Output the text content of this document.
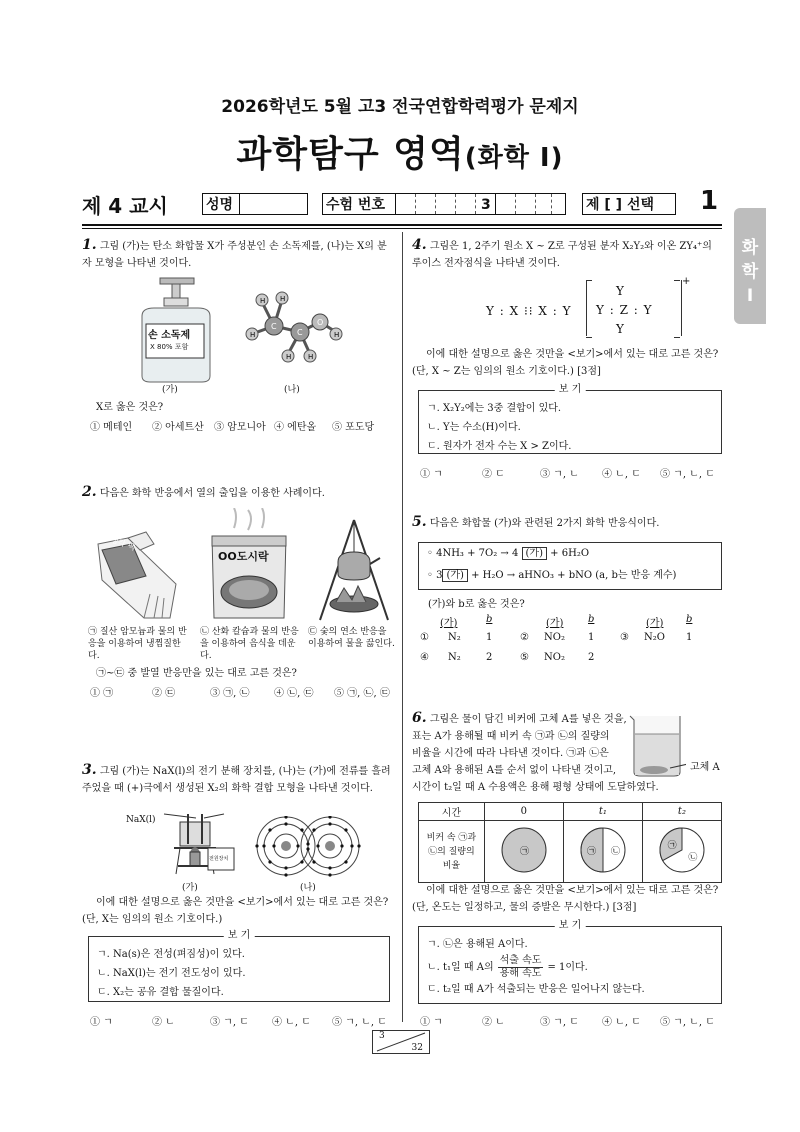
2026학년도 5월 고3 전국연합학력평가 문제지
과학탐구 영역(화학 Ⅰ)
제 4 교시	성명	수험 번호	3	제 [ ] 선택	1
화
학
Ⅰ
1. 그림 (가)는 탄소 화합물 X가 주성분인 손 소독제를, (나)는 X의 분자 모형을 나타낸 것이다.
손 소독제
X 80% 포함
H H
H
H H
H
C
C
O
(가)	(나)
X로 옳은 것은?
① 메테인 ② 아세트산 ③ 암모니아 ④ 에탄올 ⑤ 포도당
2. 다음은 화학 반응에서 열의 출입을 이용한 사례이다.
냉각 팩
OO도시락
㉠ 질산 암모늄과 물의 반응을 이용하여 냉찜질한다.
㉡ 산화 칼슘과 물의 반응을 이용하여 음식을 데운다.
㉢ 숯의 연소 반응을 이용하여 물을 끓인다.
㉠~㉢ 중 발열 반응만을 있는 대로 고른 것은?
① ㉠	② ㉢	③ ㉠, ㉡ ④ ㉡, ㉢ ⑤ ㉠, ㉡, ㉢
3. 그림 (가)는 NaX(l)의 전기 분해 장치를, (나)는 (가)에 전류를 흘려주었을 때 (+)극에서 생성된 X₂의 화학 결합 모형을 나타낸 것이다.
NaX(l)
전원장치
(가)	(나)
이에 대한 설명으로 옳은 것만을 <보기>에서 있는 대로 고른 것은? (단, X는 임의의 원소 기호이다.)
보 기
ㄱ. Na(s)은 전성(펴짐성)이 있다.
ㄴ. NaX(l)는 전기 전도성이 있다.
ㄷ. X₂는 공유 결합 물질이다.
① ㄱ	② ㄴ	③ ㄱ, ㄷ ④ ㄴ, ㄷ ⑤ ㄱ, ㄴ, ㄷ
4. 그림은 1, 2주기 원소 X ~ Z로 구성된 분자 X₂Y₂와 이온 ZY₄⁺의 루이스 전자점식을 나타낸 것이다.
Y : X ⁝⁝ X : Y
Y
Y : Z : Y
Y
+
이에 대한 설명으로 옳은 것만을 <보기>에서 있는 대로 고른 것은? (단, X ~ Z는 임의의 원소 기호이다.) [3점]
보 기
ㄱ. X₂Y₂에는 3중 결합이 있다.
ㄴ. Y는 수소(H)이다.
ㄷ. 원자가 전자 수는 X > Z이다.
① ㄱ	② ㄷ	③ ㄱ, ㄴ ④ ㄴ, ㄷ ⑤ ㄱ, ㄴ, ㄷ
5. 다음은 화합물 (가)와 관련된 2가지 화학 반응식이다.
◦ 4NH₃ + 7O₂ → 4 (가) + 6H₂O
◦ 3 (가) + H₂O → aHNO₃ + bNO (a, b는 반응 계수)
(가)와 b로 옳은 것은?
(가)	b	(가) b	(가) b
① N₂	1	② NO₂ 1	③ N₂O 1
④ N₂	2	⑤ NO₂ 2
6. 그림은 물이 담긴 비커에 고체 A를 넣은 것을,
표는 A가 용해될 때 비커 속 ㉠과 ㉡의 질량의
비율을 시간에 따라 나타낸 것이다. ㉠과 ㉡은
고체 A와 용해된 A를 순서 없이 나타낸 것이고,
시간이 t₂일 때 A 수용액은 용해 평형 상태에 도달하였다.
고체 A
시간	0	t₁	t₂
비커 속 ㉠과 ㉡의 질량의 비율	㉠	㉡
㉠	㉡
㉠
이에 대한 설명으로 옳은 것만을 <보기>에서 있는 대로 고른 것은? (단, 온도는 일정하고, 물의 증발은 무시한다.) [3점]
보 기
ㄱ. ㉡은 용해된 A이다.
ㄴ. t₁일 때 A의
석출 속도
용해 속도
= 1이다.
ㄷ. t₂일 때 A가 석출되는 반응은 일어나지 않는다.
① ㄱ	② ㄴ	③ ㄱ, ㄷ ④ ㄴ, ㄷ ⑤ ㄱ, ㄴ, ㄷ
3
32
